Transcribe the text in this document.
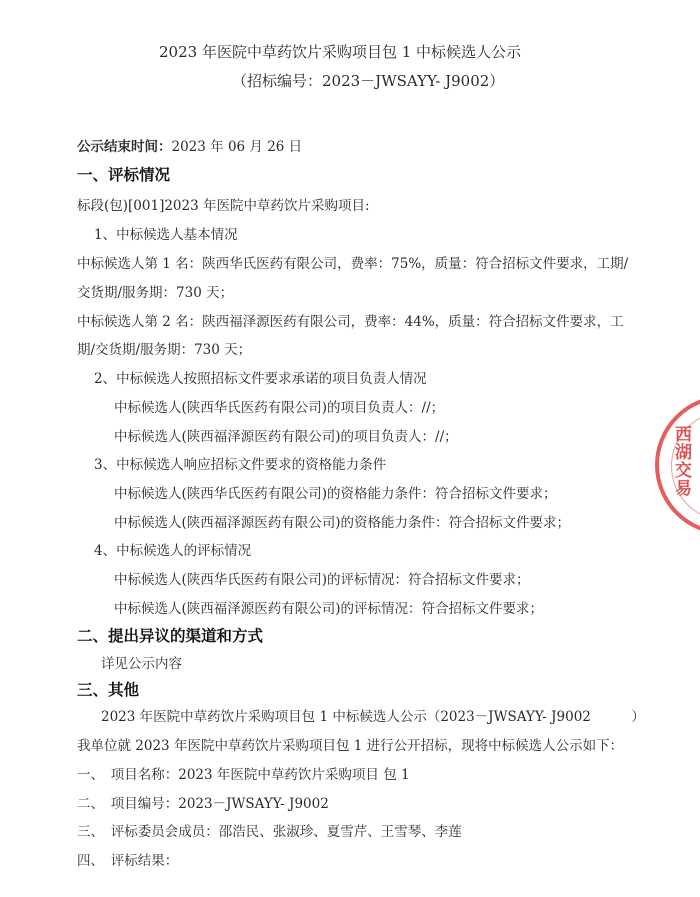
2023 年医院中草药饮片采购项目包 1 中标候选人公示
（招标编号：2023－JWSAYY- J9002）
公示结束时间：2023 年 06 月 26 日
一、评标情况
标段(包)[001]2023 年医院中草药饮片采购项目:
1、中标候选人基本情况
中标候选人第 1 名：陕西华氏医药有限公司，费率：75%，质量：符合招标文件要求，工期/
交货期/服务期：730 天；
中标候选人第 2 名：陕西福泽源医药有限公司，费率：44%，质量：符合招标文件要求，工
期/交货期/服务期：730 天；
2、中标候选人按照招标文件要求承诺的项目负责人情况
中标候选人(陕西华氏医药有限公司)的项目负责人：//；
中标候选人(陕西福泽源医药有限公司)的项目负责人：//；
3、中标候选人响应招标文件要求的资格能力条件
中标候选人(陕西华氏医药有限公司)的资格能力条件：符合招标文件要求；
中标候选人(陕西福泽源医药有限公司)的资格能力条件：符合招标文件要求；
4、中标候选人的评标情况
中标候选人(陕西华氏医药有限公司)的评标情况：符合招标文件要求；
中标候选人(陕西福泽源医药有限公司)的评标情况：符合招标文件要求；
二、提出异议的渠道和方式
详见公示内容
三、其他
2023 年医院中草药饮片采购项目包 1 中标候选人公示（2023－JWSAYY- J9002　　　）
我单位就 2023 年医院中草药饮片采购项目包 1 进行公开招标，现将中标候选人公示如下：
一、　项目名称：2023 年医院中草药饮片采购项目 包 1
二、　项目编号：2023－JWSAYY- J9002
三、　评标委员会成员：邵浩民、张淑珍、夏雪芹、王雪琴、李莲
四、　评标结果：
西湖交易
